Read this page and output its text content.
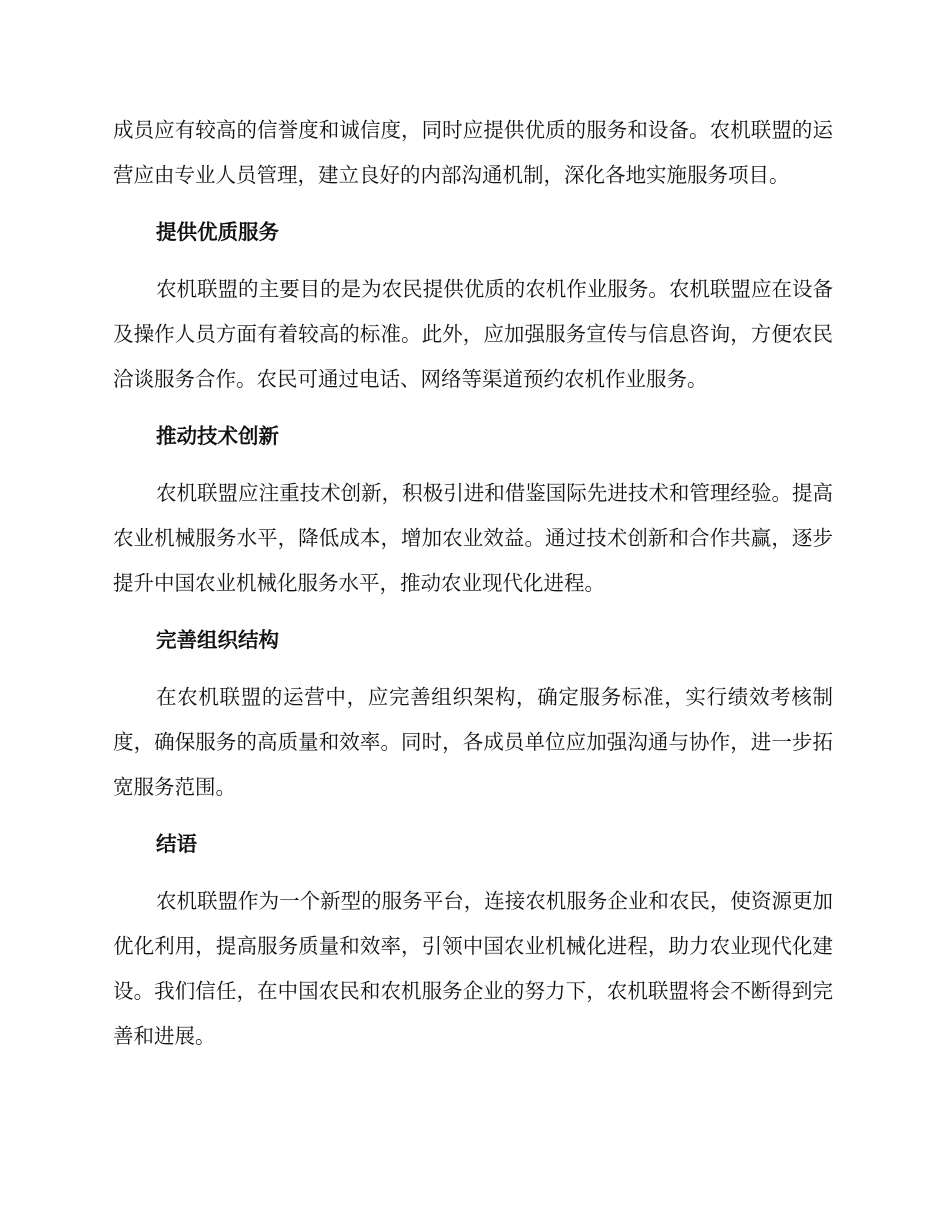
成员应有较高的信誉度和诚信度，同时应提供优质的服务和设备。农机联盟的运营应由专业人员管理，建立良好的内部沟通机制，深化各地实施服务项目。

提供优质服务

农机联盟的主要目的是为农民提供优质的农机作业服务。农机联盟应在设备及操作人员方面有着较高的标准。此外，应加强服务宣传与信息咨询，方便农民洽谈服务合作。农民可通过电话、网络等渠道预约农机作业服务。

推动技术创新

农机联盟应注重技术创新，积极引进和借鉴国际先进技术和管理经验。提高农业机械服务水平，降低成本，增加农业效益。通过技术创新和合作共赢，逐步提升中国农业机械化服务水平，推动农业现代化进程。

完善组织结构

在农机联盟的运营中，应完善组织架构，确定服务标准，实行绩效考核制度，确保服务的高质量和效率。同时，各成员单位应加强沟通与协作，进一步拓宽服务范围。

结语

农机联盟作为一个新型的服务平台，连接农机服务企业和农民，使资源更加优化利用，提高服务质量和效率，引领中国农业机械化进程，助力农业现代化建设。我们信任，在中国农民和农机服务企业的努力下，农机联盟将会不断得到完善和进展。
